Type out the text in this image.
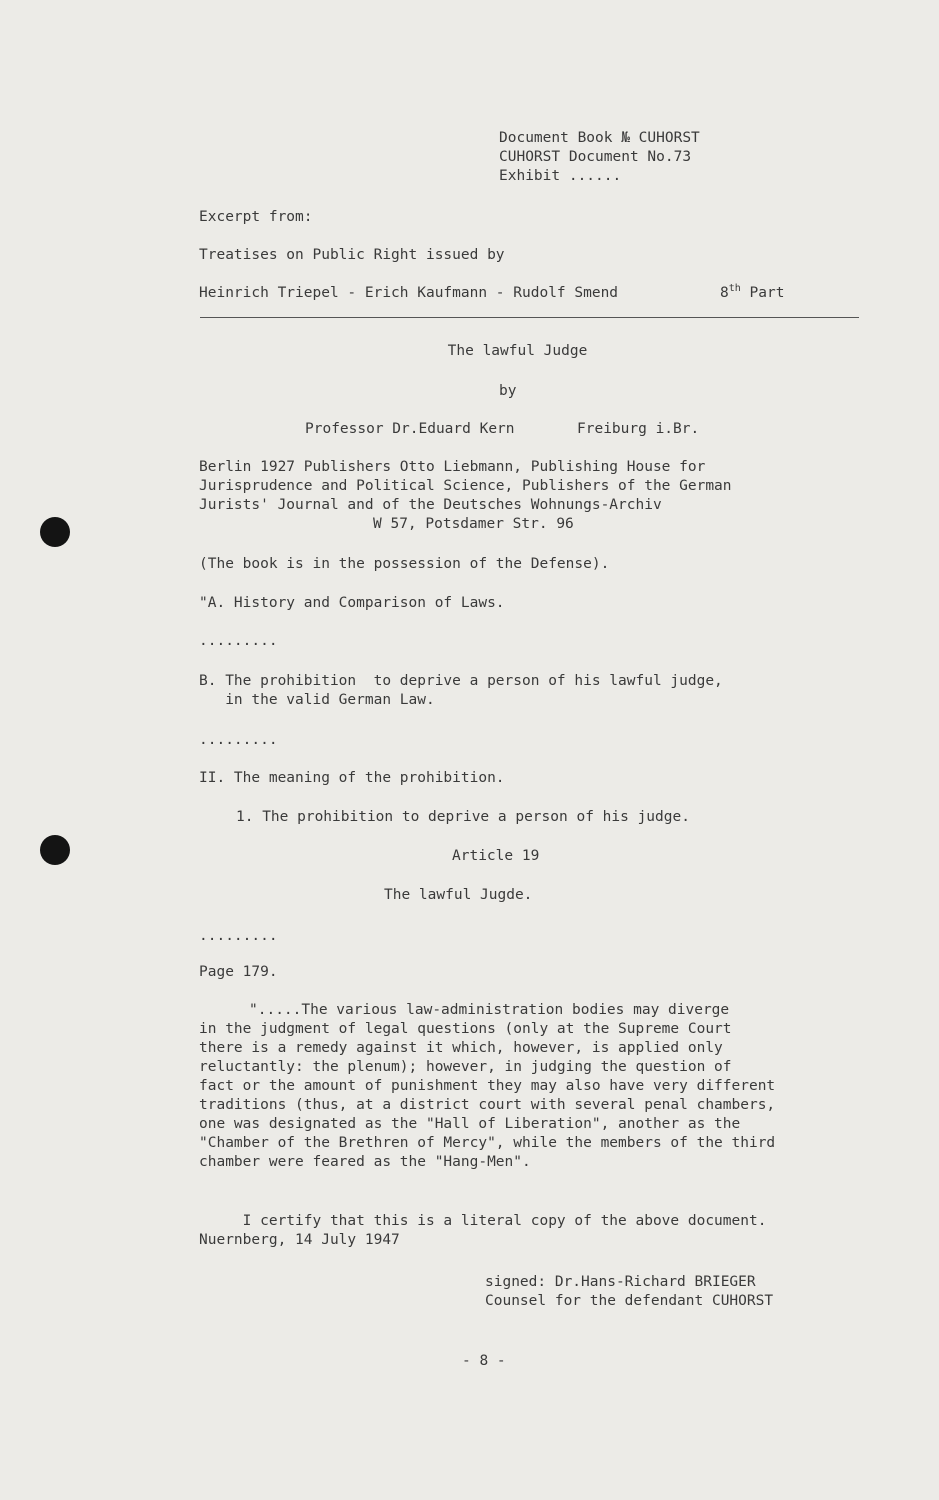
Document Book № CUHORST
CUHORST Document No.73
Exhibit ......
Excerpt from:
Treatises on Public Right issued by
Heinrich Triepel - Erich Kaufmann - Rudolf Smend	8th Part
The lawful Judge
by
Professor Dr.Eduard Kern	Freiburg i.Br.
Berlin 1927 Publishers Otto Liebmann, Publishing House for
Jurisprudence and Political Science, Publishers of the German
Jurists' Journal and of the Deutsches Wohnungs-Archiv
W 57, Potsdamer Str. 96
(The book is in the possession of the Defense).
"A. History and Comparison of Laws.
.........
B. The prohibition  to deprive a person of his lawful judge,
in the valid German Law.
.........
II. The meaning of the prohibition.
1. The prohibition to deprive a person of his judge.
Article 19
The lawful Jugde.
.........
Page 179.
".....The various law-administration bodies may diverge
in the judgment of legal questions (only at the Supreme Court
there is a remedy against it which, however, is applied only
reluctantly: the plenum); however, in judging the question of
fact or the amount of punishment they may also have very different
traditions (thus, at a district court with several penal chambers,
one was designated as the "Hall of Liberation", another as the
"Chamber of the Brethren of Mercy", while the members of the third
chamber were feared as the "Hang-Men".
I certify that this is a literal copy of the above document.
Nuernberg, 14 July 1947
signed: Dr.Hans-Richard BRIEGER
Counsel for the defendant CUHORST
- 8 -
